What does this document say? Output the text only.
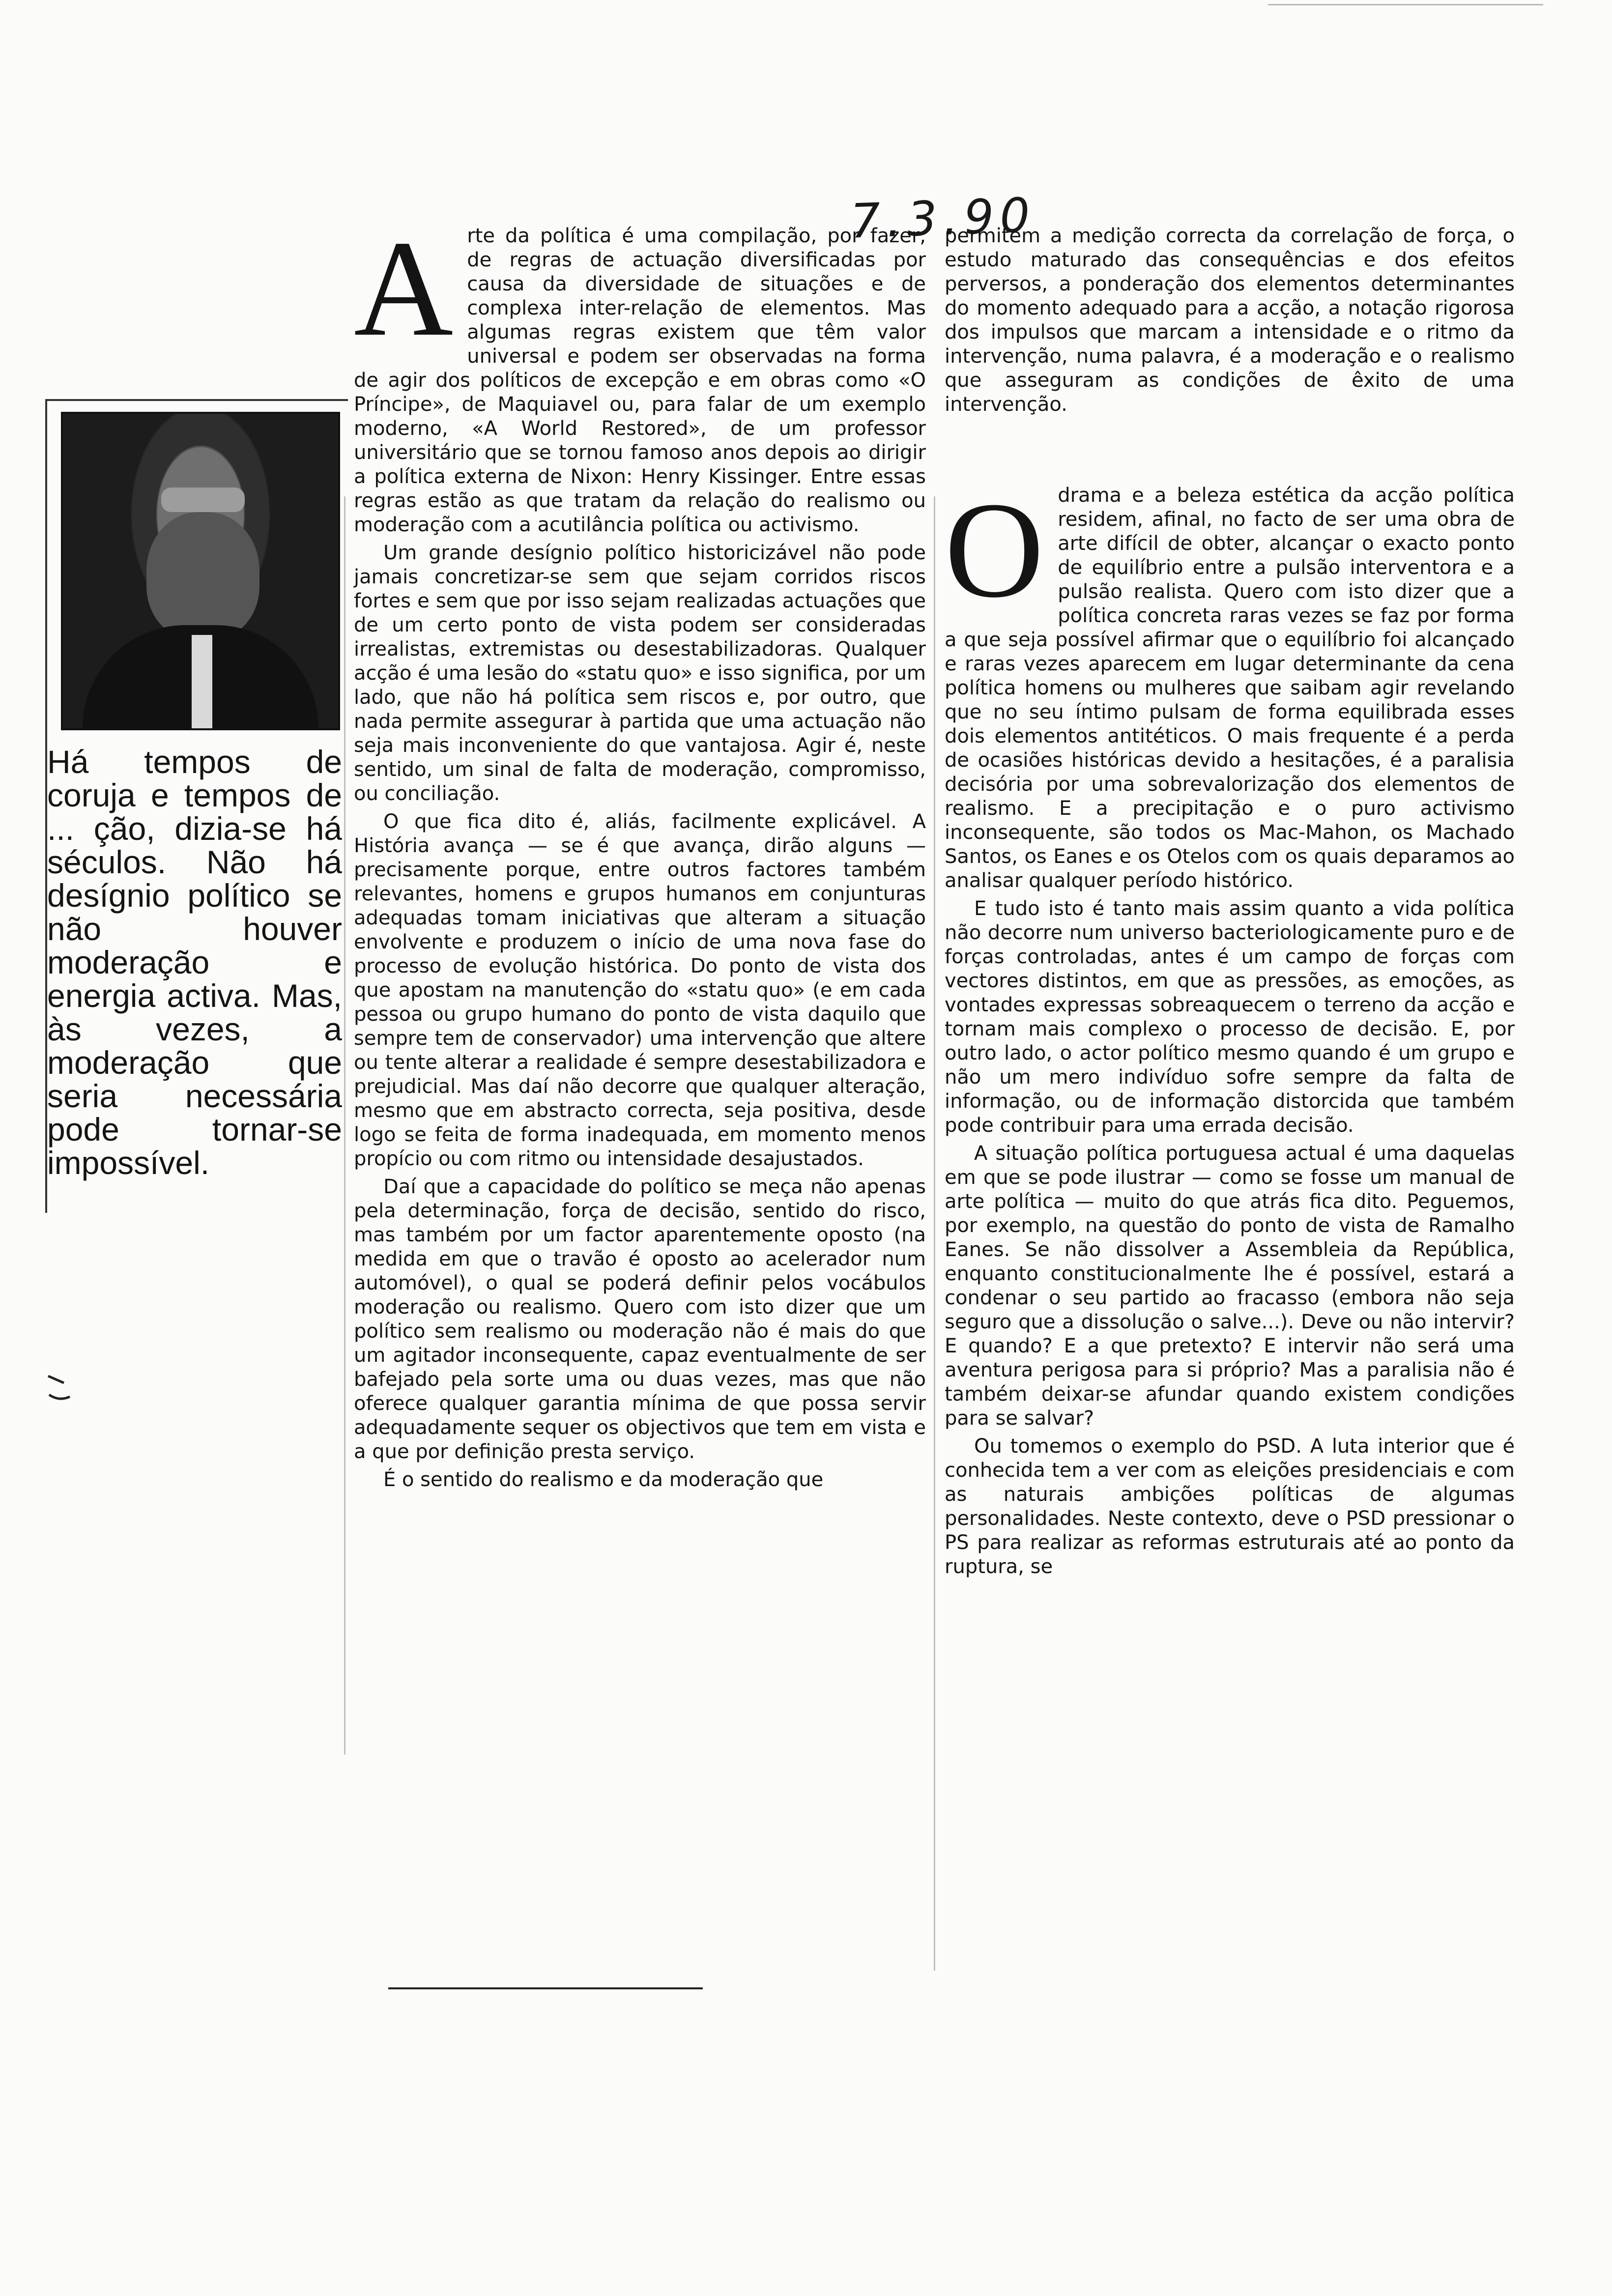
7.3.90

Há tempos de coruja e tempos de ... ção, dizia-se há séculos. Não há desígnio político se não houver moderação e energia activa. Mas, às vezes, a moderação que seria necessária pode tornar-se impossível.

A rte da política é uma compilação, por fazer, de regras de actuação diversificadas por causa da diversidade de situações e de complexa inter-relação de elementos. Mas algumas regras existem que têm valor universal e podem ser observadas na forma de agir dos políticos de excepção e em obras como «O Príncipe», de Maquiavel ou, para falar de um exemplo moderno, «A World Restored», de um professor universitário que se tornou famoso anos depois ao dirigir a política externa de Nixon: Henry Kissinger. Entre essas regras estão as que tratam da relação do realismo ou moderação com a acutilância política ou activismo.

Um grande desígnio político historicizável não pode jamais concretizar-se sem que sejam corridos riscos fortes e sem que por isso sejam realizadas actuações que de um certo ponto de vista podem ser consideradas irrealistas, extremistas ou desestabilizadoras. Qualquer acção é uma lesão do «statu quo» e isso significa, por um lado, que não há política sem riscos e, por outro, que nada permite assegurar à partida que uma actuação não seja mais inconveniente do que vantajosa. Agir é, neste sentido, um sinal de falta de moderação, compromisso, ou conciliação.

O que fica dito é, aliás, facilmente explicável. A História avança — se é que avança, dirão alguns — precisamente porque, entre outros factores também relevantes, homens e grupos humanos em conjunturas adequadas tomam iniciativas que alteram a situação envolvente e produzem o início de uma nova fase do processo de evolução histórica. Do ponto de vista dos que apostam na manutenção do «statu quo» (e em cada pessoa ou grupo humano do ponto de vista daquilo que sempre tem de conservador) uma intervenção que altere ou tente alterar a realidade é sempre desestabilizadora e prejudicial. Mas daí não decorre que qualquer alteração, mesmo que em abstracto correcta, seja positiva, desde logo se feita de forma inadequada, em momento menos propício ou com ritmo ou intensidade desajustados.

Daí que a capacidade do político se meça não apenas pela determinação, força de decisão, sentido do risco, mas também por um factor aparentemente oposto (na medida em que o travão é oposto ao acelerador num automóvel), o qual se poderá definir pelos vocábulos moderação ou realismo. Quero com isto dizer que um político sem realismo ou moderação não é mais do que um agitador inconsequente, capaz eventualmente de ser bafejado pela sorte uma ou duas vezes, mas que não oferece qualquer garantia mínima de que possa servir adequadamente sequer os objectivos que tem em vista e a que por definição presta serviço.

É o sentido do realismo e da moderação que

permitem a medição correcta da correlação de força, o estudo maturado das consequências e dos efeitos perversos, a ponderação dos elementos determinantes do momento adequado para a acção, a notação rigorosa dos impulsos que marcam a intensidade e o ritmo da intervenção, numa palavra, é a moderação e o realismo que asseguram as condições de êxito de uma intervenção.

O drama e a beleza estética da acção política residem, afinal, no facto de ser uma obra de arte difícil de obter, alcançar o exacto ponto de equilíbrio entre a pulsão interventora e a pulsão realista. Quero com isto dizer que a política concreta raras vezes se faz por forma a que seja possível afirmar que o equilíbrio foi alcançado e raras vezes aparecem em lugar determinante da cena política homens ou mulheres que saibam agir revelando que no seu íntimo pulsam de forma equilibrada esses dois elementos antitéticos. O mais frequente é a perda de ocasiões históricas devido a hesitações, é a paralisia decisória por uma sobrevalorização dos elementos de realismo. E a precipitação e o puro activismo inconsequente, são todos os Mac-Mahon, os Machado Santos, os Eanes e os Otelos com os quais deparamos ao analisar qualquer período histórico.

E tudo isto é tanto mais assim quanto a vida política não decorre num universo bacteriologicamente puro e de forças controladas, antes é um campo de forças com vectores distintos, em que as pressões, as emoções, as vontades expressas sobreaquecem o terreno da acção e tornam mais complexo o processo de decisão. E, por outro lado, o actor político mesmo quando é um grupo e não um mero indivíduo sofre sempre da falta de informação, ou de informação distorcida que também pode contribuir para uma errada decisão.

A situação política portuguesa actual é uma daquelas em que se pode ilustrar — como se fosse um manual de arte política — muito do que atrás fica dito. Peguemos, por exemplo, na questão do ponto de vista de Ramalho Eanes. Se não dissolver a Assembleia da República, enquanto constitucionalmente lhe é possível, estará a condenar o seu partido ao fracasso (embora não seja seguro que a dissolução o salve...). Deve ou não intervir? E quando? E a que pretexto? E intervir não será uma aventura perigosa para si próprio? Mas a paralisia não é também deixar-se afundar quando existem condições para se salvar?

Ou tomemos o exemplo do PSD. A luta interior que é conhecida tem a ver com as eleições presidenciais e com as naturais ambições políticas de algumas personalidades. Neste contexto, deve o PSD pressionar o PS para realizar as reformas estruturais até ao ponto da ruptura, se
